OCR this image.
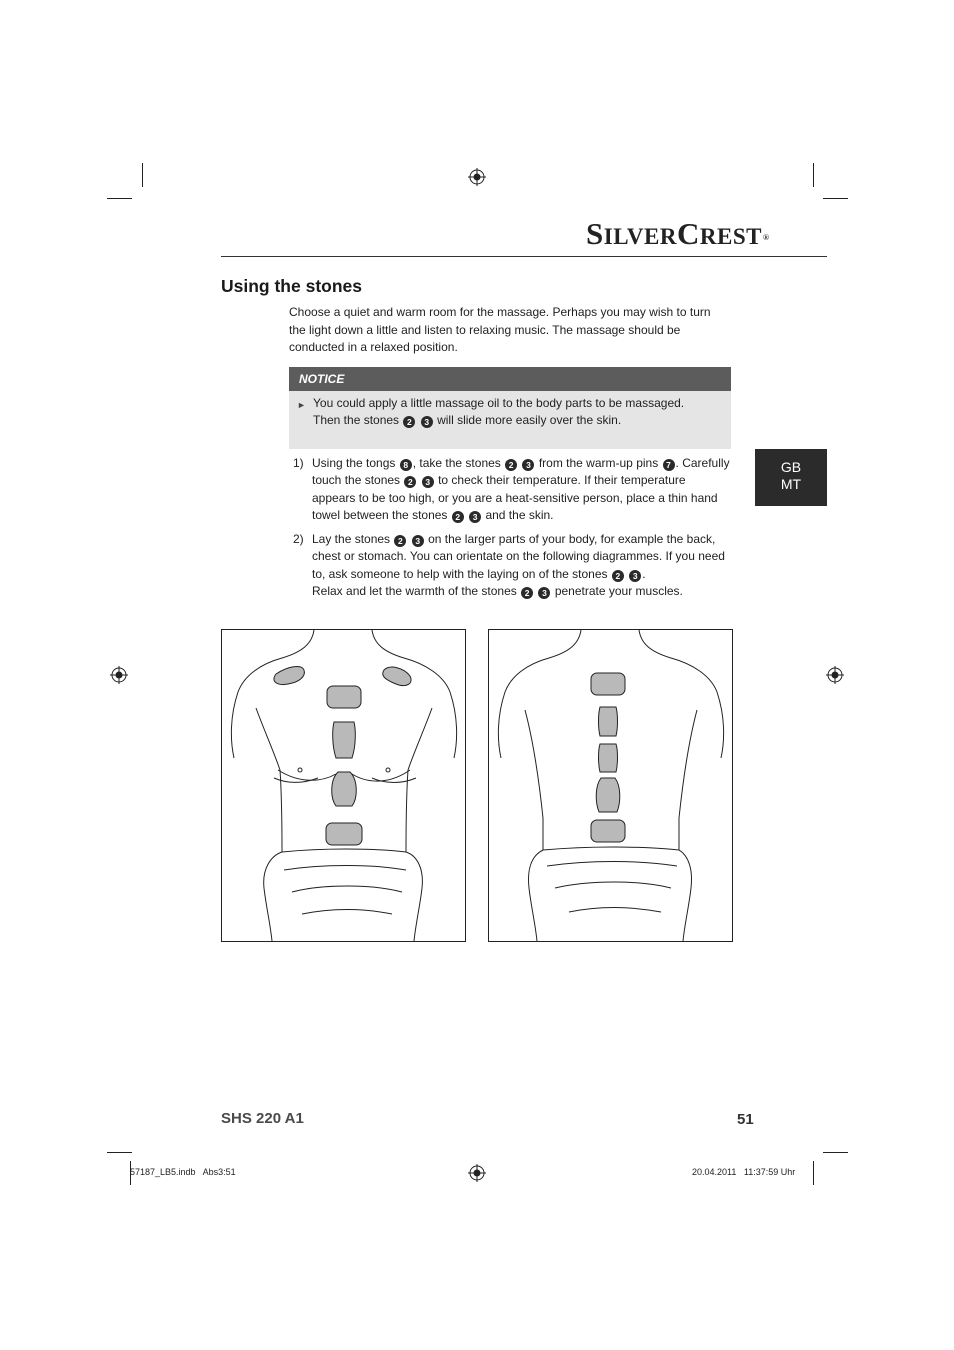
SILVERCREST®
Using the stones
Choose a quiet and warm room for the massage. Perhaps you may wish to turn the light down a little and listen to relaxing music. The massage should be conducted in a relaxed position.
NOTICE
► You could apply a little massage oil to the body parts to be massaged.
Then the stones 2 3 will slide more easily over the skin.
1) Using the tongs 8 , take the stones 2 3 from the warm-up pins 7 . Carefully touch the stones 2 3 to check their temperature. If their temperature appears to be too high, or you are a heat-sensitive person, place a thin hand towel between the stones 2 3 and the skin.
2) Lay the stones 2 3 on the larger parts of your body, for example the back, chest or stomach. You can orientate on the following diagrammes. If you need to, ask someone to help with the laying on of the stones 2 3 .
Relax and let the warmth of the stones 2 3 penetrate your muscles.
GB
MT
SHS 220 A1	51
57187_LB5.indb   Abs3:51	20.04.2011   11:37:59 Uhr
